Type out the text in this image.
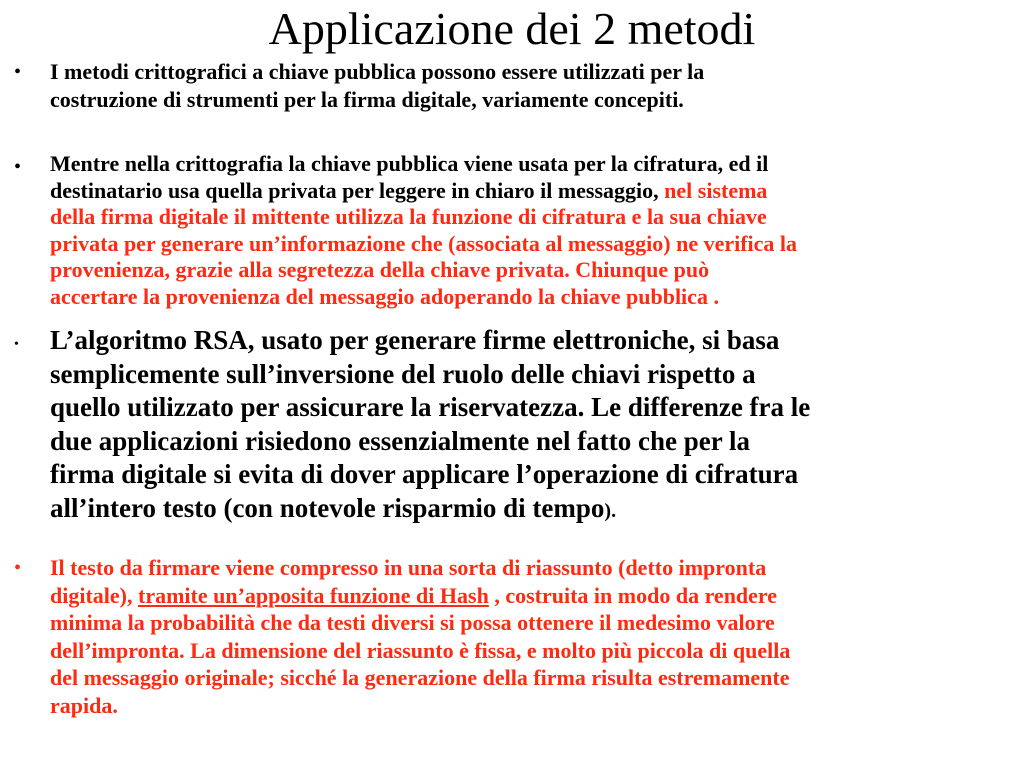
Applicazione dei 2 metodi
• I metodi crittografici a chiave pubblica possono essere utilizzati per la
costruzione di strumenti per la firma digitale, variamente concepiti.
• Mentre nella crittografia la chiave pubblica viene usata per la cifratura, ed il
destinatario usa quella privata per leggere in chiaro il messaggio, nel sistema
della firma digitale il mittente utilizza la funzione di cifratura e la sua chiave
privata per generare un’informazione che (associata al messaggio) ne verifica la
provenienza, grazie alla segretezza della chiave privata. Chiunque può
accertare la provenienza del messaggio adoperando la chiave pubblica .
• L’algoritmo RSA, usato per generare firme elettroniche, si basa
semplicemente sull’inversione del ruolo delle chiavi rispetto a
quello utilizzato per assicurare la riservatezza. Le differenze fra le
due applicazioni risiedono essenzialmente nel fatto che per la
firma digitale si evita di dover applicare l’operazione di cifratura
all’intero testo (con notevole risparmio di tempo).
• Il testo da firmare viene compresso in una sorta di riassunto (detto impronta
digitale), tramite un’apposita funzione di Hash , costruita in modo da rendere
minima la probabilità che da testi diversi si possa ottenere il medesimo valore
dell’impronta. La dimensione del riassunto è fissa, e molto più piccola di quella
del messaggio originale; sicché la generazione della firma risulta estremamente
rapida.
